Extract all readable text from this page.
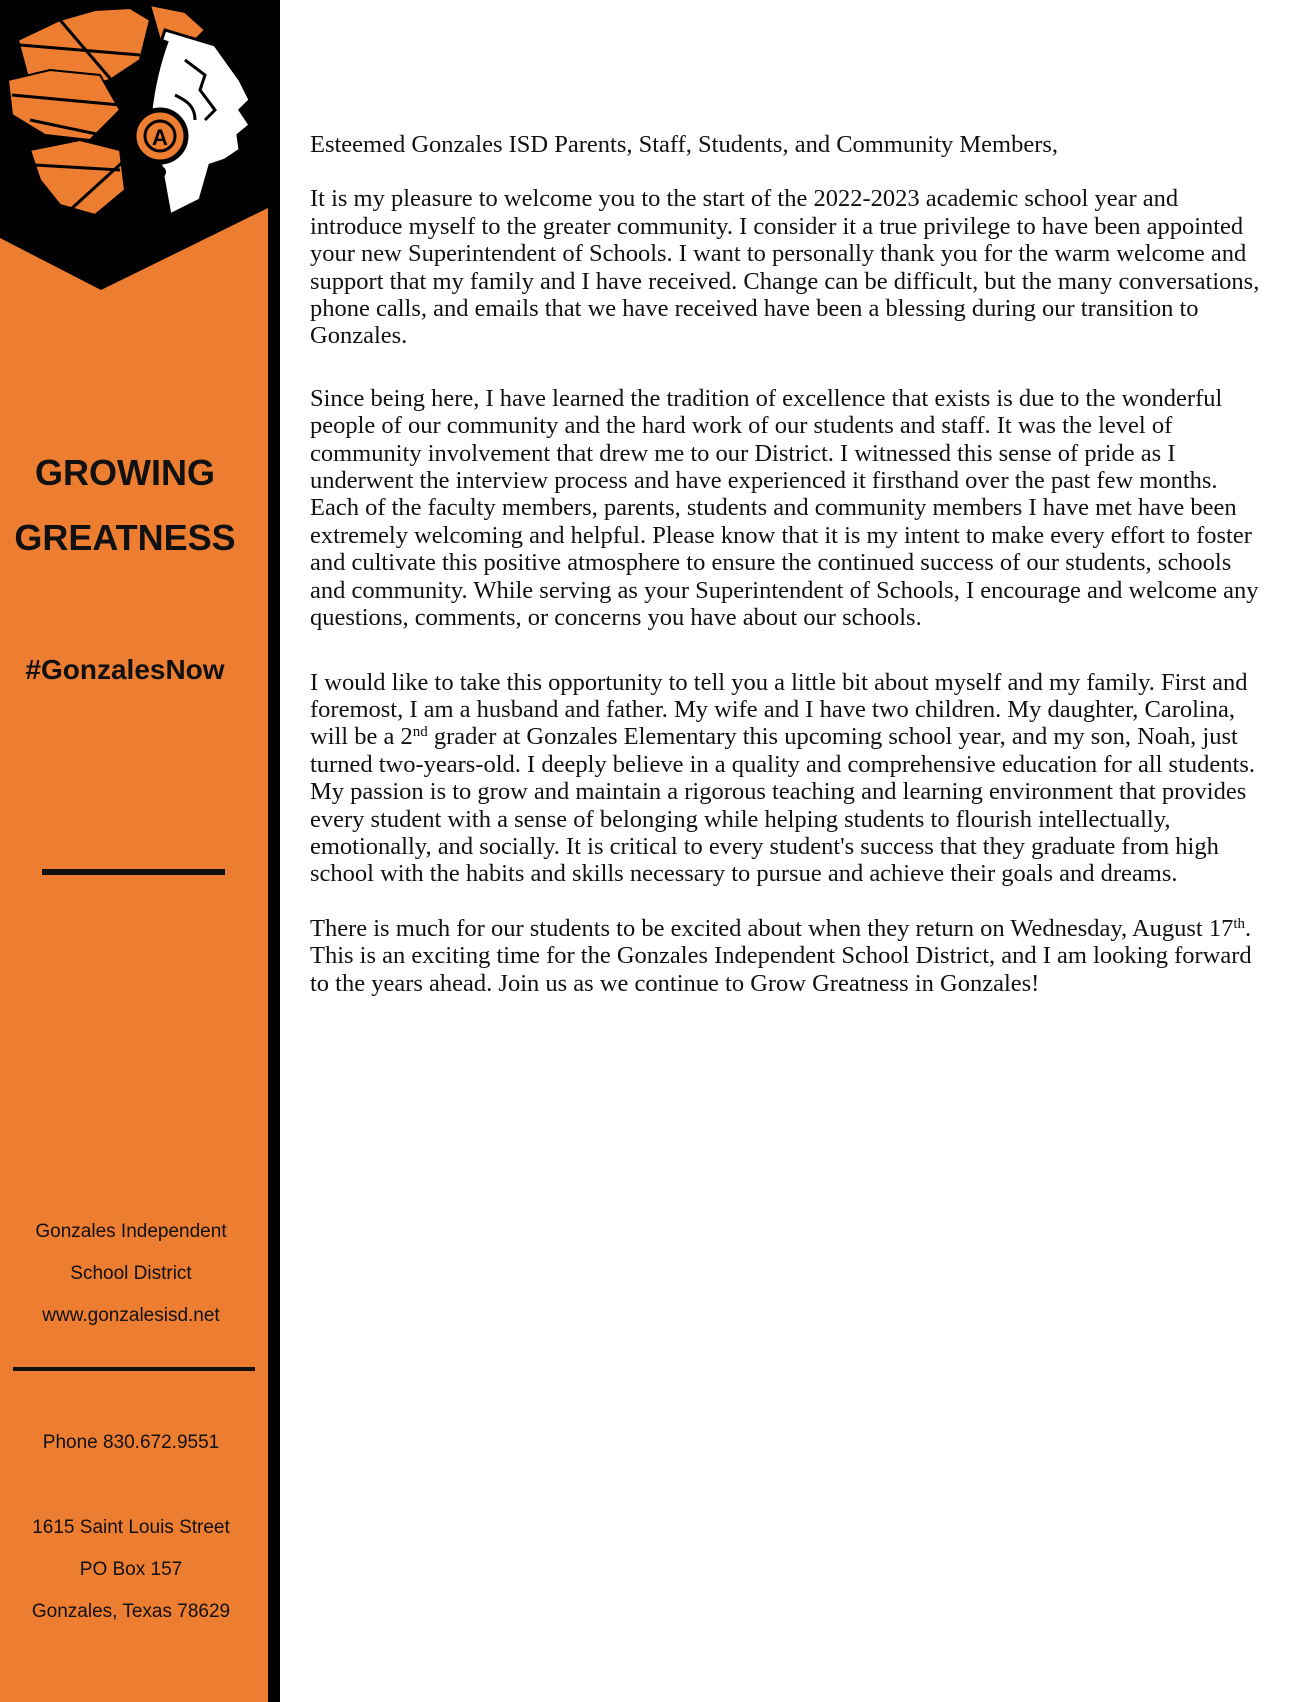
A
GROWING
GREATNESS
#GonzalesNow
Gonzales Independent
School District
www.gonzalesisd.net
Phone 830.672.9551
1615 Saint Louis Street
PO Box 157
Gonzales, Texas 78629

Esteemed Gonzales ISD Parents, Staff, Students, and Community Members,

It is my pleasure to welcome you to the start of the 2022-2023 academic school year and introduce myself to the greater community. I consider it a true privilege to have been appointed your new Superintendent of Schools. I want to personally thank you for the warm welcome and support that my family and I have received. Change can be difficult, but the many conversations, phone calls, and emails that we have received have been a blessing during our transition to Gonzales.

Since being here, I have learned the tradition of excellence that exists is due to the wonderful people of our community and the hard work of our students and staff. It was the level of community involvement that drew me to our District. I witnessed this sense of pride as I underwent the interview process and have experienced it firsthand over the past few months. Each of the faculty members, parents, students and community members I have met have been extremely welcoming and helpful. Please know that it is my intent to make every effort to foster and cultivate this positive atmosphere to ensure the continued success of our students, schools and community. While serving as your Superintendent of Schools, I encourage and welcome any questions, comments, or concerns you have about our schools.

I would like to take this opportunity to tell you a little bit about myself and my family. First and foremost, I am a husband and father. My wife and I have two children. My daughter, Carolina, will be a 2nd grader at Gonzales Elementary this upcoming school year, and my son, Noah, just turned two-years-old. I deeply believe in a quality and comprehensive education for all students. My passion is to grow and maintain a rigorous teaching and learning environment that provides every student with a sense of belonging while helping students to flourish intellectually, emotionally, and socially. It is critical to every student's success that they graduate from high school with the habits and skills necessary to pursue and achieve their goals and dreams.

There is much for our students to be excited about when they return on Wednesday, August 17th. This is an exciting time for the Gonzales Independent School District, and I am looking forward to the years ahead. Join us as we continue to Grow Greatness in Gonzales!
